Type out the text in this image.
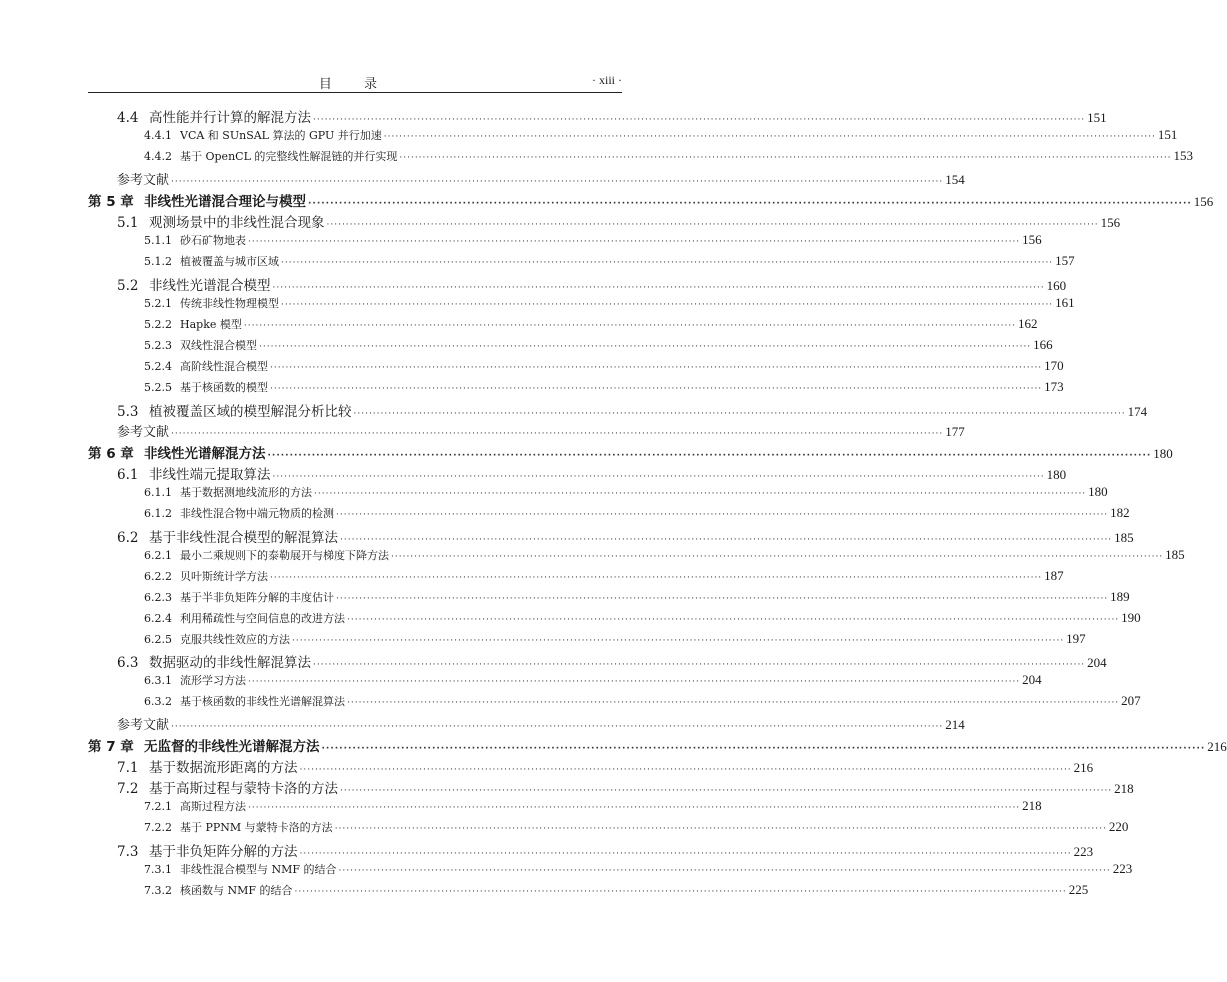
目 录	· xiii ·
4.4 高性能并行计算的解混方法 ········································································································································································································ 151
4.4.1 VCA 和 SUnSAL 算法的 GPU 并行加速 ········································································································································································································ 151
4.4.2 基于 OpenCL 的完整线性解混链的并行实现 ········································································································································································································ 153
参考文献 ········································································································································································································ 154
第 5 章 非线性光谱混合理论与模型 ········································································································································································································ 156
5.1 观测场景中的非线性混合现象 ········································································································································································································ 156
5.1.1 砂石矿物地表 ········································································································································································································ 156
5.1.2 植被覆盖与城市区域 ········································································································································································································ 157
5.2 非线性光谱混合模型 ········································································································································································································ 160
5.2.1 传统非线性物理模型 ········································································································································································································ 161
5.2.2 Hapke 模型 ········································································································································································································ 162
5.2.3 双线性混合模型 ········································································································································································································ 166
5.2.4 高阶线性混合模型 ········································································································································································································ 170
5.2.5 基于核函数的模型 ········································································································································································································ 173
5.3 植被覆盖区域的模型解混分析比较 ········································································································································································································ 174
参考文献 ········································································································································································································ 177
第 6 章 非线性光谱解混方法 ········································································································································································································ 180
6.1 非线性端元提取算法 ········································································································································································································ 180
6.1.1 基于数据测地线流形的方法 ········································································································································································································ 180
6.1.2 非线性混合物中端元物质的检测 ········································································································································································································ 182
6.2 基于非线性混合模型的解混算法 ········································································································································································································ 185
6.2.1 最小二乘规则下的泰勒展开与梯度下降方法 ········································································································································································································ 185
6.2.2 贝叶斯统计学方法 ········································································································································································································ 187
6.2.3 基于半非负矩阵分解的丰度估计 ········································································································································································································ 189
6.2.4 利用稀疏性与空间信息的改进方法 ········································································································································································································ 190
6.2.5 克服共线性效应的方法 ········································································································································································································ 197
6.3 数据驱动的非线性解混算法 ········································································································································································································ 204
6.3.1 流形学习方法 ········································································································································································································ 204
6.3.2 基于核函数的非线性光谱解混算法 ········································································································································································································ 207
参考文献 ········································································································································································································ 214
第 7 章 无监督的非线性光谱解混方法 ········································································································································································································ 216
7.1 基于数据流形距离的方法 ········································································································································································································ 216
7.2 基于高斯过程与蒙特卡洛的方法 ········································································································································································································ 218
7.2.1 高斯过程方法 ········································································································································································································ 218
7.2.2 基于 PPNM 与蒙特卡洛的方法 ········································································································································································································ 220
7.3 基于非负矩阵分解的方法 ········································································································································································································ 223
7.3.1 非线性混合模型与 NMF 的结合 ········································································································································································································ 223
7.3.2 核函数与 NMF 的结合 ········································································································································································································ 225
